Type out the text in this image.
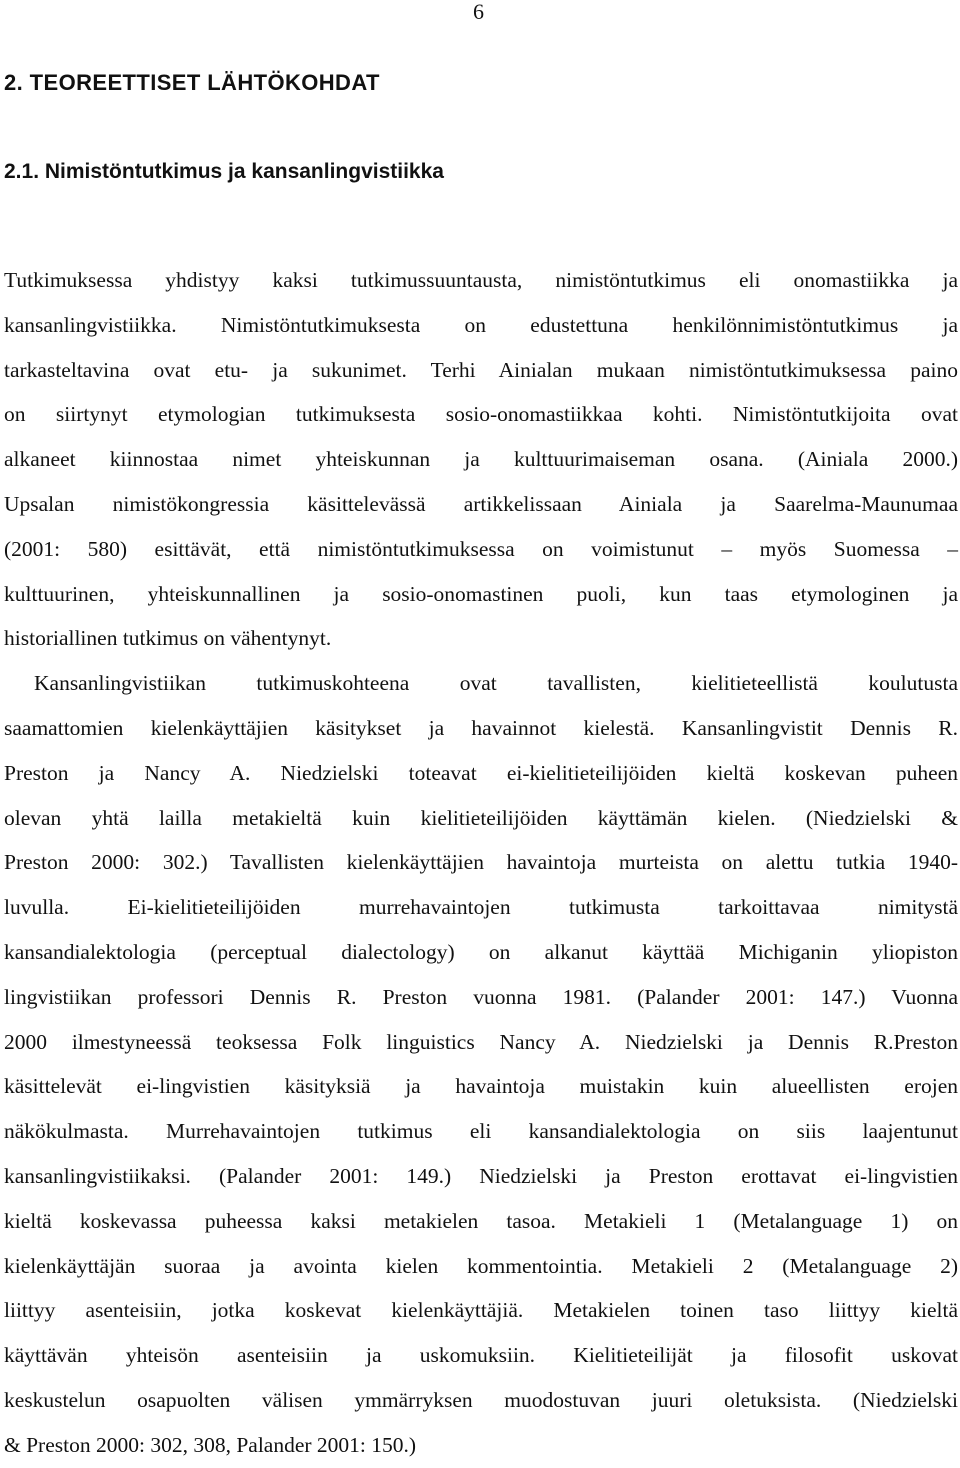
6
2. TEOREETTISET LÄHTÖKOHDAT
2.1. Nimistöntutkimus ja kansanlingvistiikka
Tutkimuksessa yhdistyy kaksi tutkimussuuntausta, nimistöntutkimus eli onomastiikka ja
kansanlingvistiikka. Nimistöntutkimuksesta on edustettuna henkilönnimistöntutkimus ja
tarkasteltavina ovat etu- ja sukunimet. Terhi Ainialan mukaan nimistöntutkimuksessa paino
on siirtynyt etymologian tutkimuksesta sosio-onomastiikkaa kohti. Nimistöntutkijoita ovat
alkaneet kiinnostaa nimet yhteiskunnan ja kulttuurimaiseman osana. (Ainiala 2000.)
Upsalan nimistökongressia käsittelevässä artikkelissaan Ainiala ja Saarelma-Maunumaa
(2001: 580) esittävät, että nimistöntutkimuksessa on voimistunut – myös Suomessa –
kulttuurinen, yhteiskunnallinen ja sosio-onomastinen puoli, kun taas etymologinen ja
historiallinen tutkimus on vähentynyt.
Kansanlingvistiikan tutkimuskohteena ovat tavallisten, kielitieteellistä koulutusta
saamattomien kielenkäyttäjien käsitykset ja havainnot kielestä. Kansanlingvistit Dennis R.
Preston ja Nancy A. Niedzielski toteavat ei-kielitieteilijöiden kieltä koskevan puheen
olevan yhtä lailla metakieltä kuin kielitieteilijöiden käyttämän kielen. (Niedzielski &
Preston 2000: 302.) Tavallisten kielenkäyttäjien havaintoja murteista on alettu tutkia 1940-
luvulla. Ei-kielitieteilijöiden murrehavaintojen tutkimusta tarkoittavaa nimitystä
kansandialektologia (perceptual dialectology) on alkanut käyttää Michiganin yliopiston
lingvistiikan professori Dennis R. Preston vuonna 1981. (Palander 2001: 147.) Vuonna
2000 ilmestyneessä teoksessa Folk linguistics Nancy A. Niedzielski ja Dennis R.Preston
käsittelevät ei-lingvistien käsityksiä ja havaintoja muistakin kuin alueellisten erojen
näkökulmasta. Murrehavaintojen tutkimus eli kansandialektologia on siis laajentunut
kansanlingvistiikaksi. (Palander 2001: 149.) Niedzielski ja Preston erottavat ei-lingvistien
kieltä koskevassa puheessa kaksi metakielen tasoa. Metakieli 1 (Metalanguage 1) on
kielenkäyttäjän suoraa ja avointa kielen kommentointia. Metakieli 2 (Metalanguage 2)
liittyy asenteisiin, jotka koskevat kielenkäyttäjiä. Metakielen toinen taso liittyy kieltä
käyttävän yhteisön asenteisiin ja uskomuksiin. Kielitieteilijät ja filosofit uskovat
keskustelun osapuolten välisen ymmärryksen muodostuvan juuri oletuksista. (Niedzielski
& Preston 2000: 302, 308, Palander 2001: 150.)
